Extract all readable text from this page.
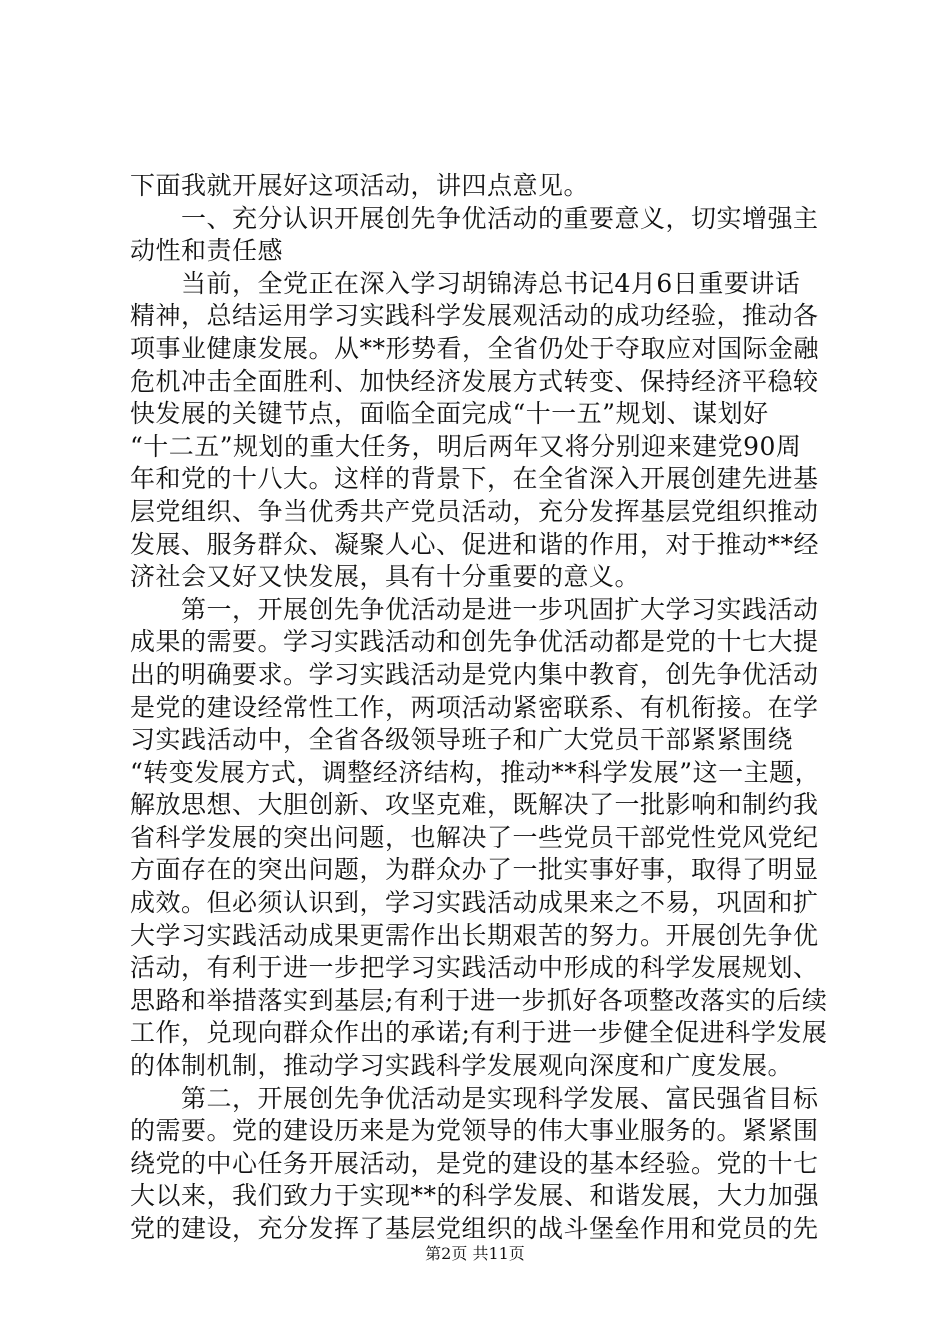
下面我就开展好这项活动，讲四点意见。
　　一、充分认识开展创先争优活动的重要意义，切实增强主
动性和责任感
　　当前，全党正在深入学习胡锦涛总书记4月6日重要讲话
精神，总结运用学习实践科学发展观活动的成功经验，推动各
项事业健康发展。从**形势看，全省仍处于夺取应对国际金融
危机冲击全面胜利、加快经济发展方式转变、保持经济平稳较
快发展的关键节点，面临全面完成“十一五”规划、谋划好
“十二五”规划的重大任务，明后两年又将分别迎来建党90周
年和党的十八大。这样的背景下，在全省深入开展创建先进基
层党组织、争当优秀共产党员活动，充分发挥基层党组织推动
发展、服务群众、凝聚人心、促进和谐的作用，对于推动**经
济社会又好又快发展，具有十分重要的意义。
　　第一，开展创先争优活动是进一步巩固扩大学习实践活动
成果的需要。学习实践活动和创先争优活动都是党的十七大提
出的明确要求。学习实践活动是党内集中教育，创先争优活动
是党的建设经常性工作，两项活动紧密联系、有机衔接。在学
习实践活动中，全省各级领导班子和广大党员干部紧紧围绕
“转变发展方式，调整经济结构，推动**科学发展”这一主题，
解放思想、大胆创新、攻坚克难，既解决了一批影响和制约我
省科学发展的突出问题，也解决了一些党员干部党性党风党纪
方面存在的突出问题，为群众办了一批实事好事，取得了明显
成效。但必须认识到，学习实践活动成果来之不易，巩固和扩
大学习实践活动成果更需作出长期艰苦的努力。开展创先争优
活动，有利于进一步把学习实践活动中形成的科学发展规划、
思路和举措落实到基层;有利于进一步抓好各项整改落实的后续
工作，兑现向群众作出的承诺;有利于进一步健全促进科学发展
的体制机制，推动学习实践科学发展观向深度和广度发展。
　　第二，开展创先争优活动是实现科学发展、富民强省目标
的需要。党的建设历来是为党领导的伟大事业服务的。紧紧围
绕党的中心任务开展活动，是党的建设的基本经验。党的十七
大以来，我们致力于实现**的科学发展、和谐发展，大力加强
党的建设，充分发挥了基层党组织的战斗堡垒作用和党员的先
第2页 共11页
